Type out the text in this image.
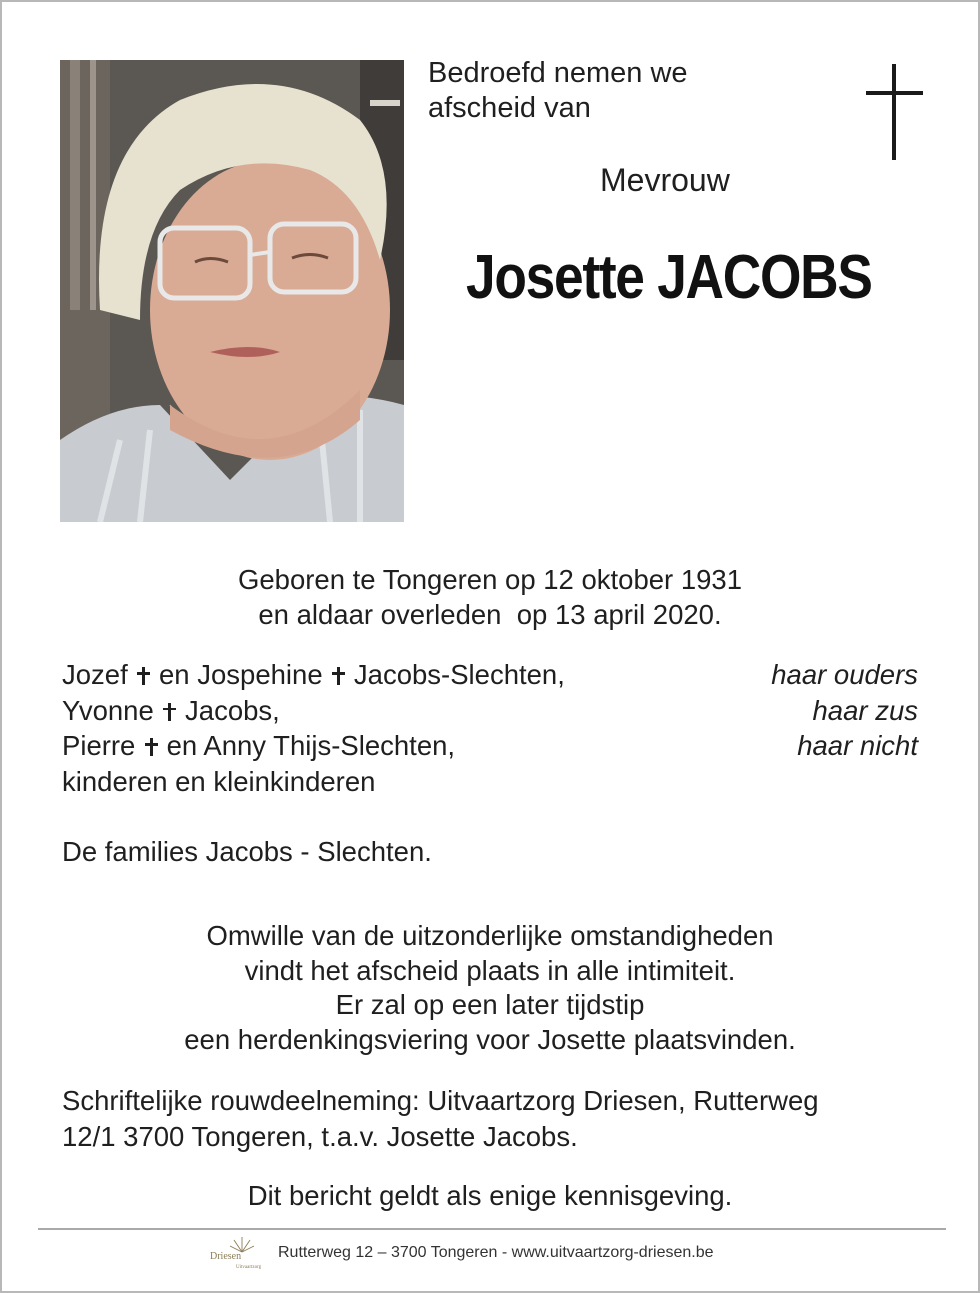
Bedroefd nemen we
afscheid van
Mevrouw
Josette JACOBS
Geboren te Tongeren op 12 oktober 1931
en aldaar overleden  op 13 april 2020.
Jozef  en Jospehine  Jacobs-Slechten,	haar ouders
Yvonne  Jacobs,	haar zus
Pierre  en Anny Thijs-Slechten,	haar nicht
kinderen en kleinkinderen
De families Jacobs - Slechten.
Omwille van de uitzonderlijke omstandigheden
vindt het afscheid plaats in alle intimiteit.
Er zal op een later tijdstip
een herdenkingsviering voor Josette plaatsvinden.
Schriftelijke rouwdeelneming: Uitvaartzorg Driesen, Rutterweg
12/1 3700 Tongeren, t.a.v. Josette Jacobs.
Dit bericht geldt als enige kennisgeving.
Driesen
Uitvaartzorg
Rutterweg 12 – 3700 Tongeren - www.uitvaartzorg-driesen.be
